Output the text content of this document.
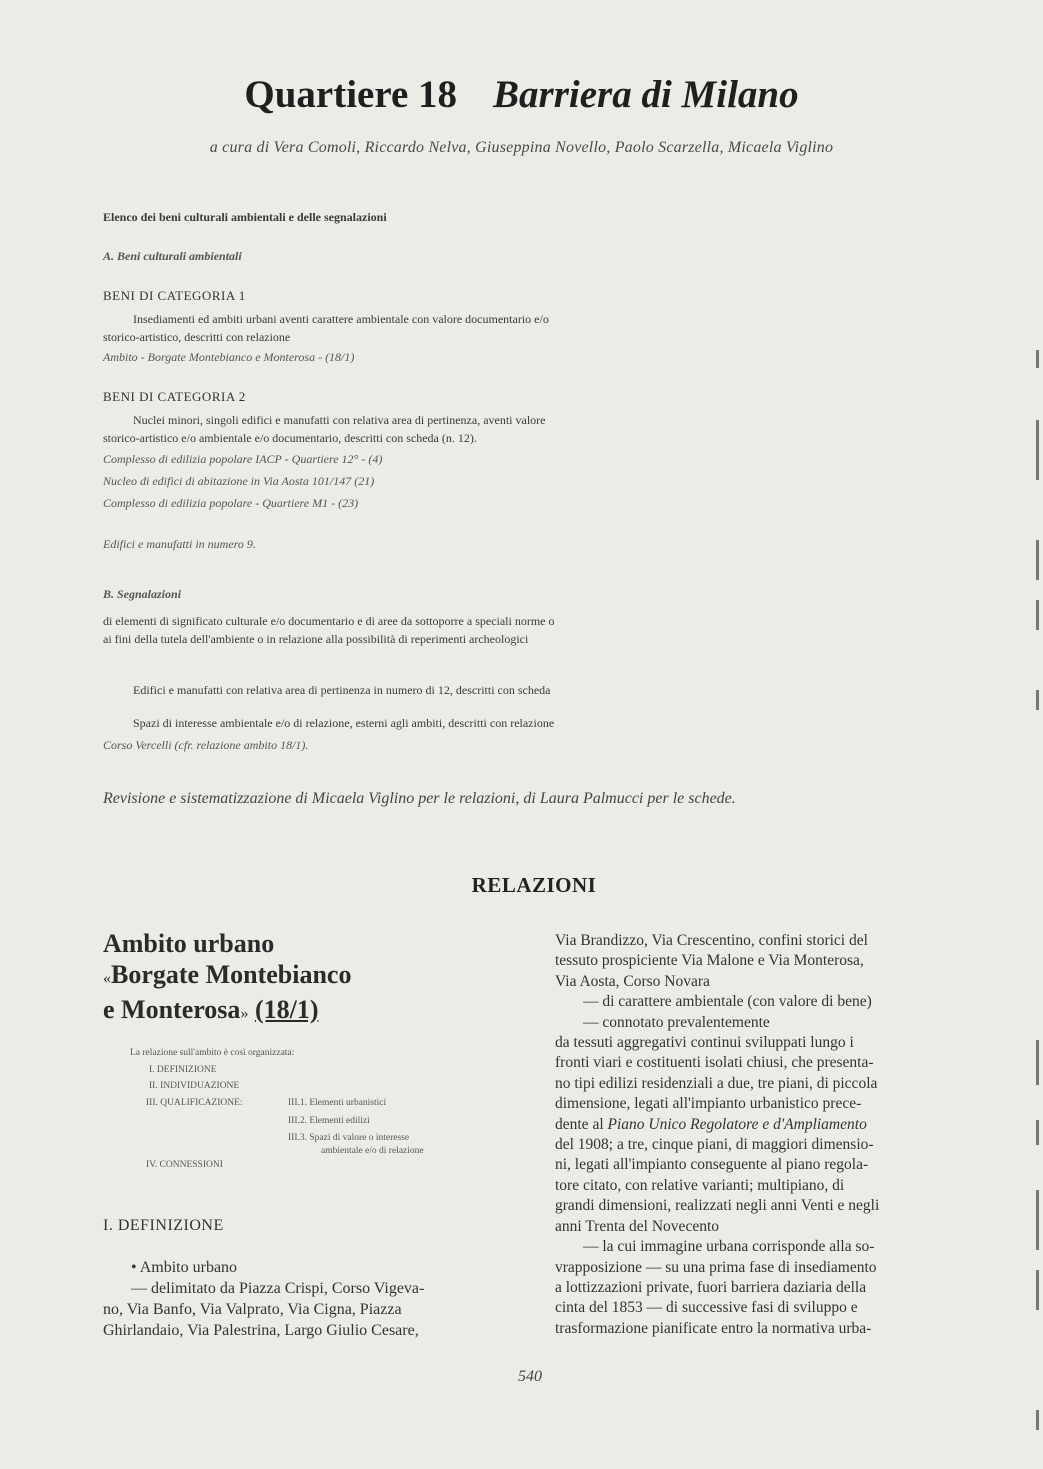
Quartiere 18 Barriera di Milano
a cura di Vera Comoli, Riccardo Nelva, Giuseppina Novello, Paolo Scarzella, Micaela Viglino
Elenco dei beni culturali ambientali e delle segnalazioni
A. Beni culturali ambientali
BENI DI CATEGORIA 1
Insediamenti ed ambiti urbani aventi carattere ambientale con valore documentario e/o
storico-artistico, descritti con relazione
Ambito - Borgate Montebianco e Monterosa - (18/1)
BENI DI CATEGORIA 2
Nuclei minori, singoli edifici e manufatti con relativa area di pertinenza, aventi valore
storico-artistico e/o ambientale e/o documentario, descritti con scheda (n. 12).
Complesso di edilizia popolare IACP - Quartiere 12° - (4)
Nucleo di edifici di abitazione in Via Aosta 101/147 (21)
Complesso di edilizia popolare - Quartiere M1 - (23)
Edifici e manufatti in numero 9.
B. Segnalazioni
di elementi di significato culturale e/o documentario e di aree da sottoporre a speciali norme o
ai fini della tutela dell'ambiente o in relazione alla possibilità di reperimenti archeologici
Edifici e manufatti con relativa area di pertinenza in numero di 12, descritti con scheda
Spazi di interesse ambientale e/o di relazione, esterni agli ambiti, descritti con relazione
Corso Vercelli (cfr. relazione ambito 18/1).
Revisione e sistematizzazione di Micaela Viglino per le relazioni, di Laura Palmucci per le schede.
RELAZIONI
Ambito urbano
«Borgate Montebianco
e Monterosa» (18/1)
La relazione sull'ambito è così organizzata:
I. DEFINIZIONE
II. INDIVIDUAZIONE
III. QUALIFICAZIONE:	III.1. Elementi urbanistici
III.2. Elementi edilizi
III.3. Spazi di valore o interesse
ambientale e/o di relazione
IV. CONNESSIONI

I. DEFINIZIONE

• Ambito urbano

— delimitato da Piazza Crispi, Corso Vigeva-

no, Via Banfo, Via Valprato, Via Cigna, Piazza

Ghirlandaio, Via Palestrina, Largo Giulio Cesare,

Via Brandizzo, Via Crescentino, confini storici del

tessuto prospiciente Via Malone e Via Monterosa,

Via Aosta, Corso Novara

— di carattere ambientale (con valore di bene)

— connotato prevalentemente

da tessuti aggregativi continui sviluppati lungo i

fronti viari e costituenti isolati chiusi, che presenta-

no tipi edilizi residenziali a due, tre piani, di piccola

dimensione, legati all'impianto urbanistico prece-

dente al Piano Unico Regolatore e d'Ampliamento

del 1908; a tre, cinque piani, di maggiori dimensio-

ni, legati all'impianto conseguente al piano regola-

tore citato, con relative varianti; multipiano, di

grandi dimensioni, realizzati negli anni Venti e negli

anni Trenta del Novecento

— la cui immagine urbana corrisponde alla so-

vrapposizione — su una prima fase di insediamento

a lottizzazioni private, fuori barriera daziaria della

cinta del 1853 — di successive fasi di sviluppo e

trasformazione pianificate entro la normativa urba-

540
